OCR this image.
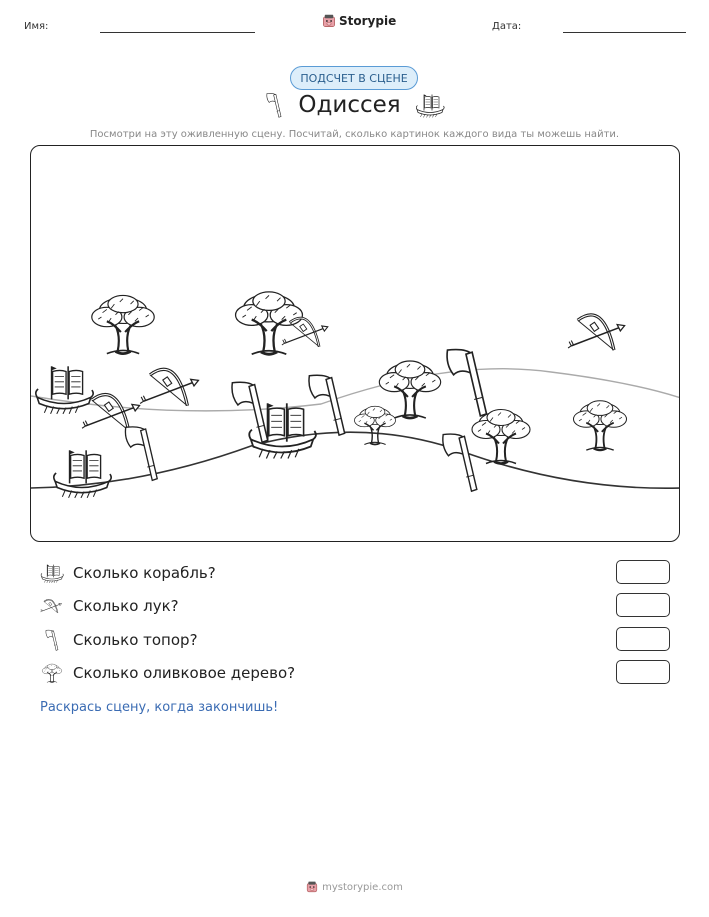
Имя:	Storypie	Дата:
ПОДСЧЕТ В СЦЕНЕ
Одиссея
Посмотри на эту оживленную сцену. Посчитай, сколько картинок каждого вида ты можешь найти.
Сколько корабль?
Сколько лук?
Сколько топор?
Сколько оливковое дерево?
Раскрась сцену, когда закончишь!
mystorypie.com
